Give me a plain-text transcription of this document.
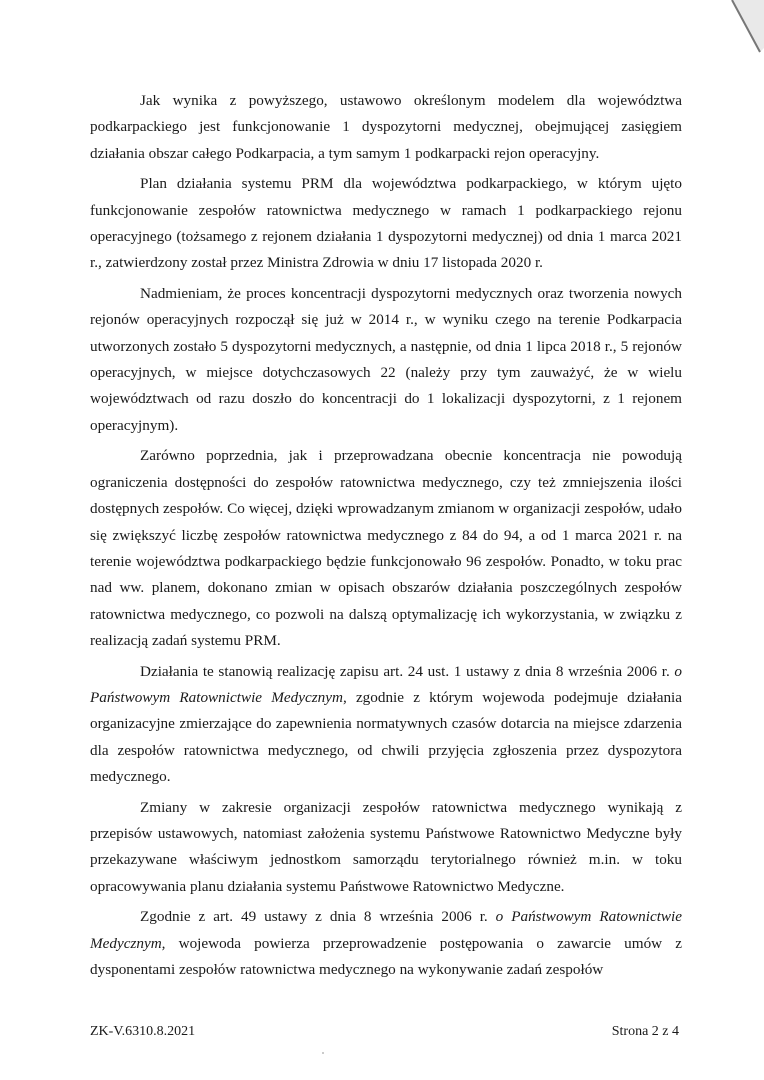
Jak wynika z powyższego, ustawowo określonym modelem dla województwa podkarpackiego jest funkcjonowanie 1 dyspozytorni medycznej, obejmującej zasięgiem działania obszar całego Podkarpacia, a tym samym 1 podkarpacki rejon operacyjny.

Plan działania systemu PRM dla województwa podkarpackiego, w którym ujęto funkcjonowanie zespołów ratownictwa medycznego w ramach 1 podkarpackiego rejonu operacyjnego (tożsamego z rejonem działania 1 dyspozytorni medycznej) od dnia 1 marca 2021 r., zatwierdzony został przez Ministra Zdrowia w dniu 17 listopada 2020 r.

Nadmieniam, że proces koncentracji dyspozytorni medycznych oraz tworzenia nowych rejonów operacyjnych rozpoczął się już w 2014 r., w wyniku czego na terenie Podkarpacia utworzonych zostało 5 dyspozytorni medycznych, a następnie, od dnia 1 lipca 2018 r., 5 rejonów operacyjnych, w miejsce dotychczasowych 22 (należy przy tym zauważyć, że w wielu województwach od razu doszło do koncentracji do 1 lokalizacji dyspozytorni, z 1 rejonem operacyjnym).

Zarówno poprzednia, jak i przeprowadzana obecnie koncentracja nie powodują ograniczenia dostępności do zespołów ratownictwa medycznego, czy też zmniejszenia ilości dostępnych zespołów. Co więcej, dzięki wprowadzanym zmianom w organizacji zespołów, udało się zwiększyć liczbę zespołów ratownictwa medycznego z 84 do 94, a od 1 marca 2021 r. na terenie województwa podkarpackiego będzie funkcjonowało 96 zespołów. Ponadto, w toku prac nad ww. planem, dokonano zmian w opisach obszarów działania poszczególnych zespołów ratownictwa medycznego, co pozwoli na dalszą optymalizację ich wykorzystania, w związku z realizacją zadań systemu PRM.

Działania te stanowią realizację zapisu art. 24 ust. 1 ustawy z dnia 8 września 2006 r. o Państwowym Ratownictwie Medycznym, zgodnie z którym wojewoda podejmuje działania organizacyjne zmierzające do zapewnienia normatywnych czasów dotarcia na miejsce zdarzenia dla zespołów ratownictwa medycznego, od chwili przyjęcia zgłoszenia przez dyspozytora medycznego.

Zmiany w zakresie organizacji zespołów ratownictwa medycznego wynikają z przepisów ustawowych, natomiast założenia systemu Państwowe Ratownictwo Medyczne były przekazywane właściwym jednostkom samorządu terytorialnego również m.in. w toku opracowywania planu działania systemu Państwowe Ratownictwo Medyczne.

Zgodnie z art. 49 ustawy z dnia 8 września 2006 r. o Państwowym Ratownictwie Medycznym, wojewoda powierza przeprowadzenie postępowania o zawarcie umów z dysponentami zespołów ratownictwa medycznego na wykonywanie zadań zespołów

ZK-V.6310.8.2021	Strona 2 z 4
